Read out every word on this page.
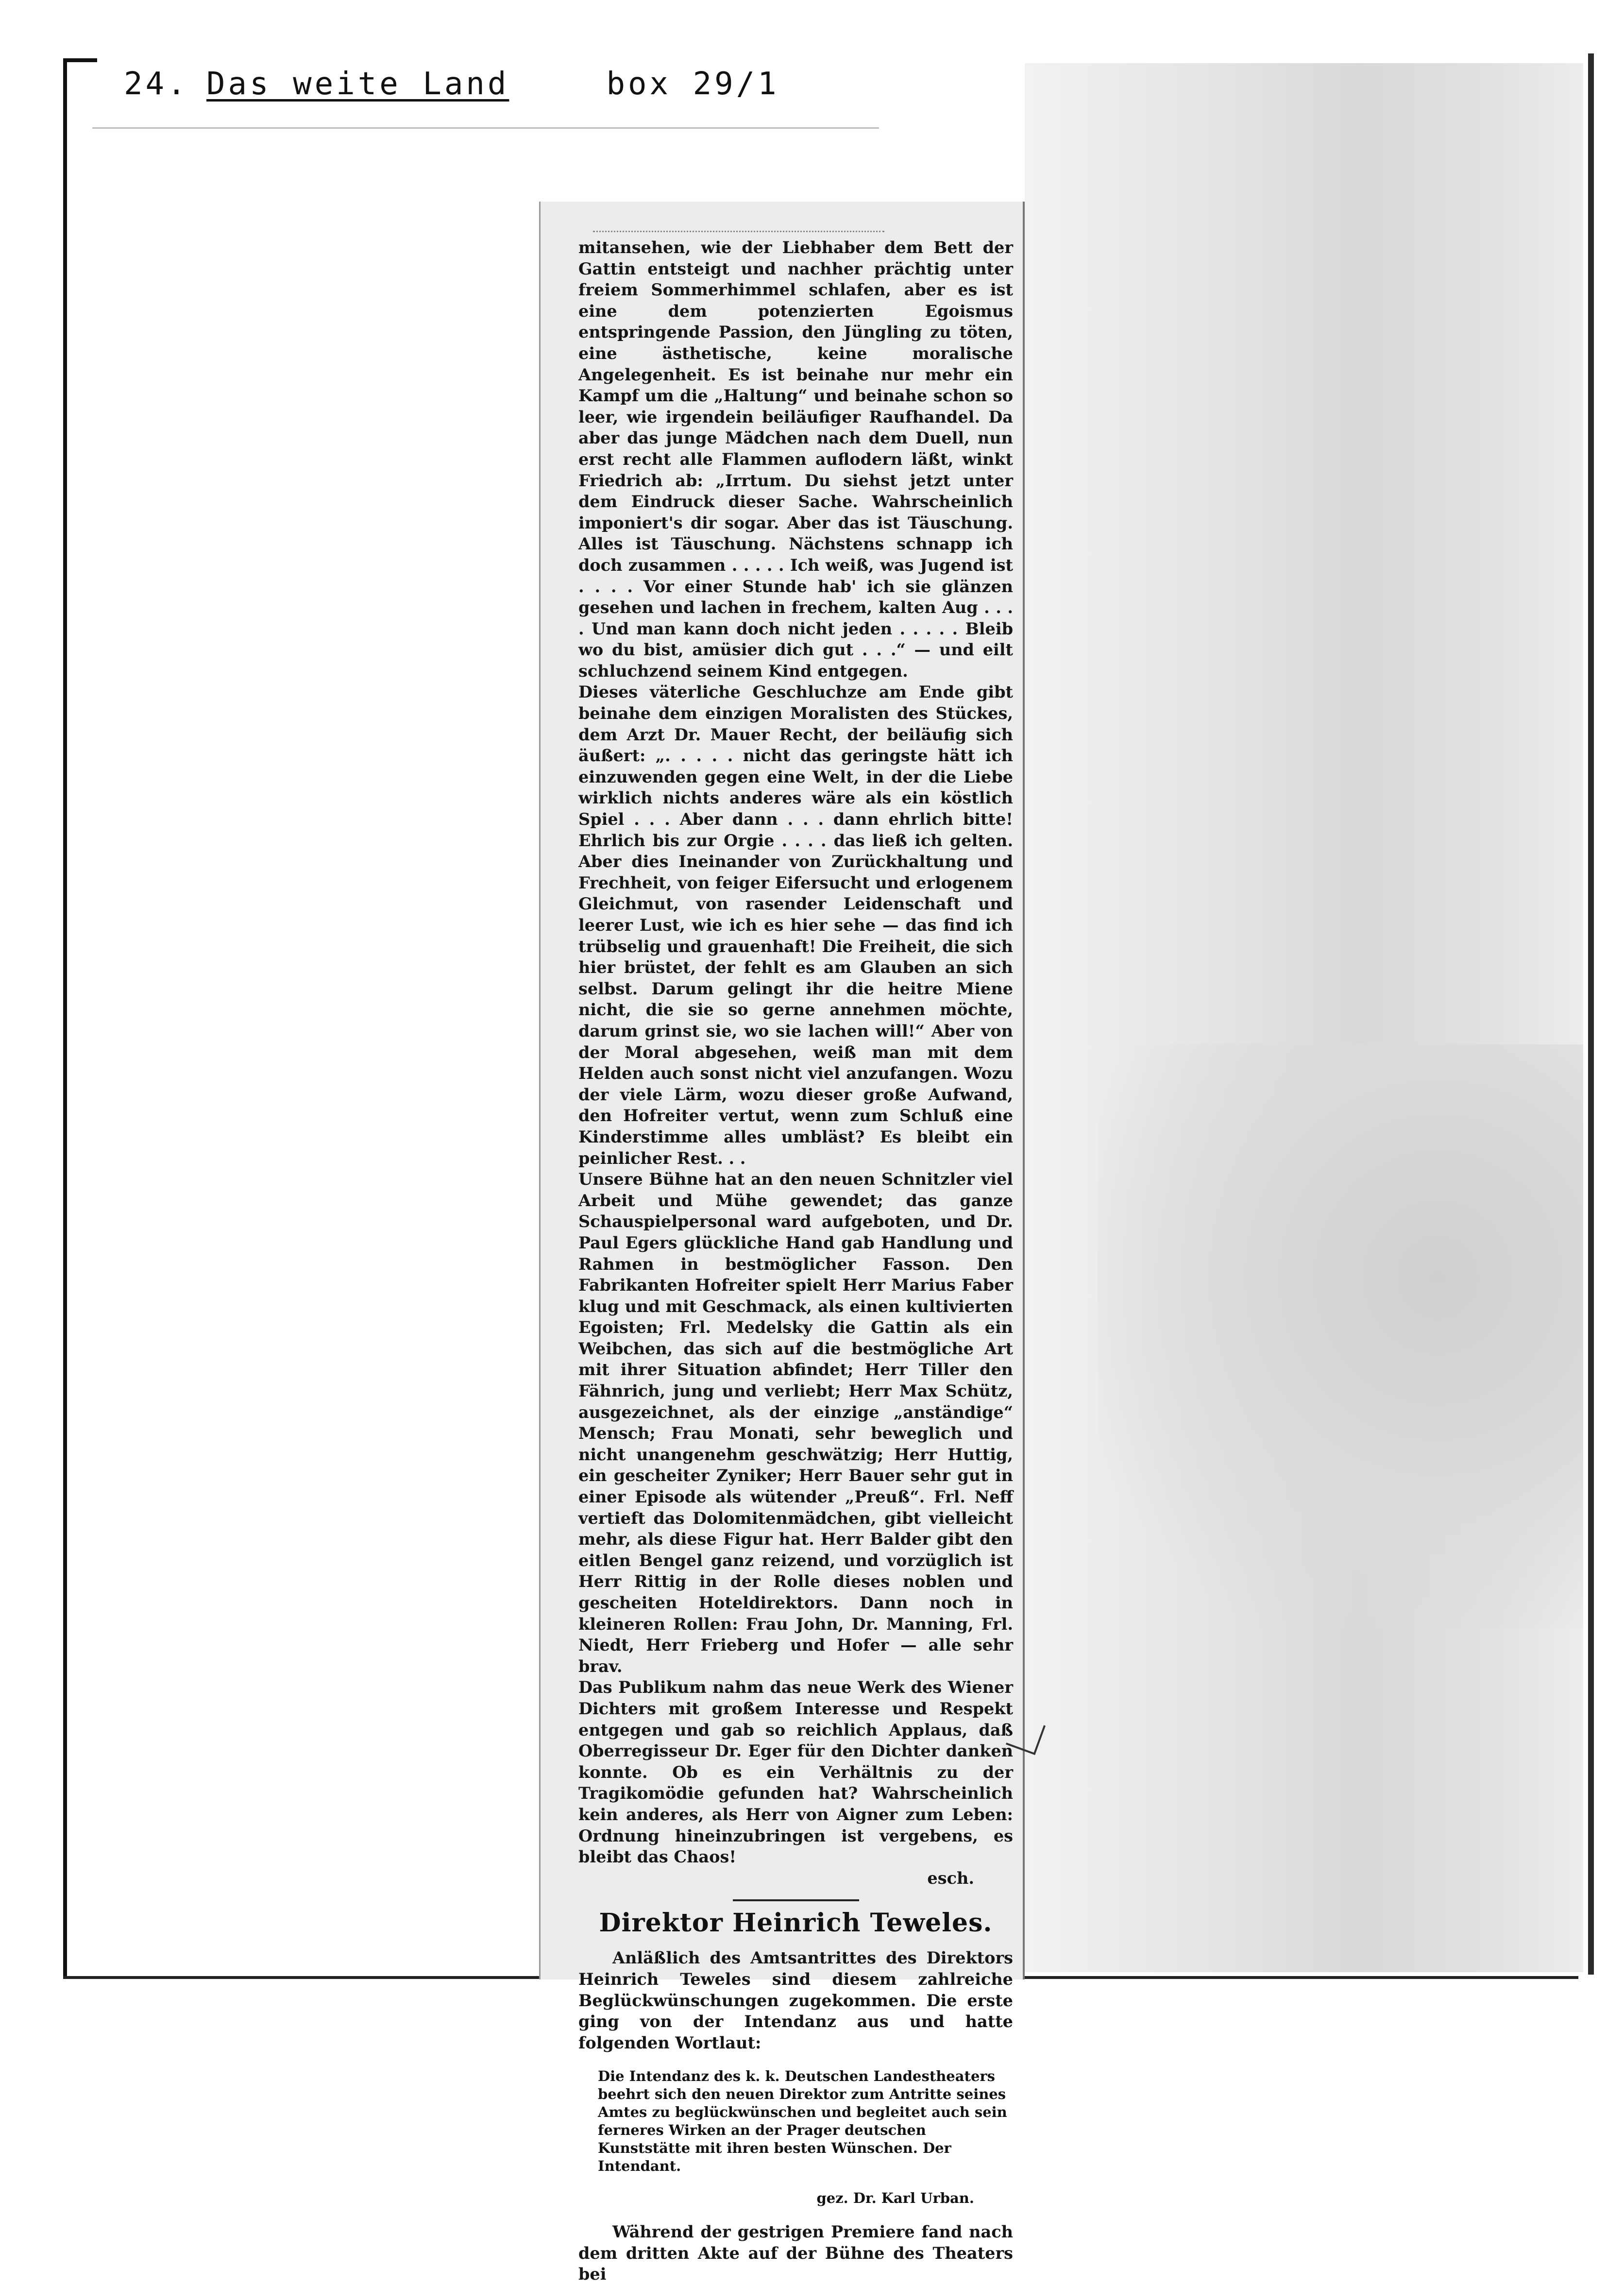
24. Das weite Land	box 29/1

mitansehen, wie der Liebhaber dem Bett der Gattin entsteigt und nachher prächtig unter freiem Sommerhimmel schlafen, aber es ist eine dem potenzierten Egoismus entspringende Passion, den Jüngling zu töten, eine ästhetische, keine moralische Angelegenheit. Es ist beinahe nur mehr ein Kampf um die „Haltung“ und beinahe schon so leer, wie irgendein beiläufiger Raufhandel. Da aber das junge Mädchen nach dem Duell, nun erst recht alle Flammen auflodern läßt, winkt Friedrich ab: „Irrtum. Du siehst jetzt unter dem Eindruck dieser Sache. Wahrscheinlich imponiert's dir sogar. Aber das ist Täuschung. Alles ist Täuschung. Nächstens schnapp ich doch zusammen . . . . . Ich weiß, was Jugend ist . . . . Vor einer Stunde hab' ich sie glänzen gesehen und lachen in frechem, kalten Aug . . . . Und man kann doch nicht jeden . . . . . Bleib wo du bist, amüsier dich gut . . .“ — und eilt schluchzend seinem Kind entgegen.

Dieses väterliche Geschluchze am Ende gibt beinahe dem einzigen Moralisten des Stückes, dem Arzt Dr. Mauer Recht, der beiläufig sich äußert: „. . . . . nicht das geringste hätt ich einzuwenden gegen eine Welt, in der die Liebe wirklich nichts anderes wäre als ein köstlich Spiel . . . Aber dann . . . dann ehrlich bitte! Ehrlich bis zur Orgie . . . . das ließ ich gelten. Aber dies Ineinander von Zurückhaltung und Frechheit, von feiger Eifersucht und erlogenem Gleichmut, von rasender Leidenschaft und leerer Lust, wie ich es hier sehe — das find ich trübselig und grauenhaft! Die Freiheit, die sich hier brüstet, der fehlt es am Glauben an sich selbst. Darum gelingt ihr die heitre Miene nicht, die sie so gerne annehmen möchte, darum grinst sie, wo sie lachen will!“ Aber von der Moral abgesehen, weiß man mit dem Helden auch sonst nicht viel anzufangen. Wozu der viele Lärm, wozu dieser große Aufwand, den Hofreiter vertut, wenn zum Schluß eine Kinderstimme alles umbläst? Es bleibt ein peinlicher Rest. . .

Unsere Bühne hat an den neuen Schnitzler viel Arbeit und Mühe gewendet; das ganze Schauspielpersonal ward aufgeboten, und Dr. Paul Egers glückliche Hand gab Handlung und Rahmen in bestmöglicher Fasson. Den Fabrikanten Hofreiter spielt Herr Marius Faber klug und mit Geschmack, als einen kultivierten Egoisten; Frl. Medelsky die Gattin als ein Weibchen, das sich auf die bestmögliche Art mit ihrer Situation abfindet; Herr Tiller den Fähnrich, jung und verliebt; Herr Max Schütz, ausgezeichnet, als der einzige „anständige“ Mensch; Frau Monati, sehr beweglich und nicht unangenehm geschwätzig; Herr Huttig, ein gescheiter Zyniker; Herr Bauer sehr gut in einer Episode als wütender „Preuß“. Frl. Neff vertieft das Dolomitenmädchen, gibt vielleicht mehr, als diese Figur hat. Herr Balder gibt den eitlen Bengel ganz reizend, und vorzüglich ist Herr Rittig in der Rolle dieses noblen und gescheiten Hoteldirektors. Dann noch in kleineren Rollen: Frau John, Dr. Manning, Frl. Niedt, Herr Frieberg und Hofer — alle sehr brav.

Das Publikum nahm das neue Werk des Wiener Dichters mit großem Interesse und Respekt entgegen und gab so reichlich Applaus, daß Oberregisseur Dr. Eger für den Dichter danken konnte. Ob es ein Verhältnis zu der Tragikomödie gefunden hat? Wahrscheinlich kein anderes, als Herr von Aigner zum Leben: Ordnung hineinzubringen ist vergebens, es bleibt das Chaos!

esch.

Direktor Heinrich Teweles.

Anläßlich des Amtsantrittes des Direktors Heinrich Teweles sind diesem zahlreiche Beglückwünschungen zugekommen. Die erste ging von der Intendanz aus und hatte folgenden Wortlaut:

Die Intendanz des k. k. Deutschen Landestheaters beehrt sich den neuen Direktor zum Antritte seines Amtes zu beglückwünschen und begleitet auch sein ferneres Wirken an der Prager deutschen Kunststätte mit ihren besten Wünschen. Der Intendant.

gez. Dr. Karl Urban.

Während der gestrigen Premiere fand nach dem dritten Akte auf der Bühne des Theaters bei
